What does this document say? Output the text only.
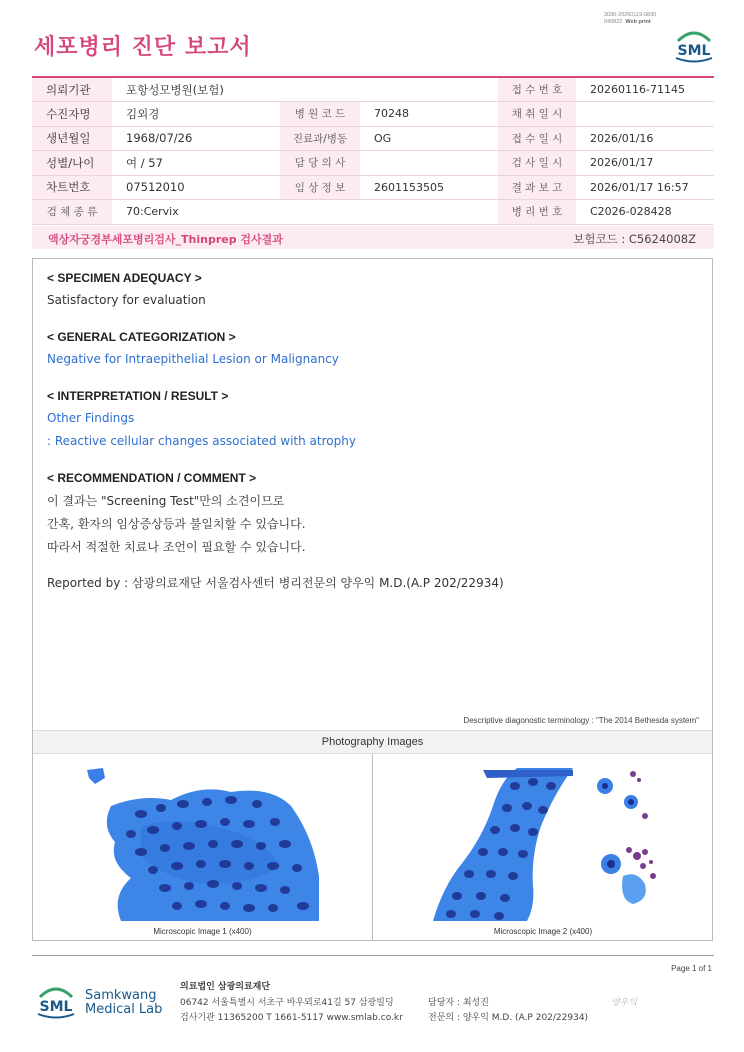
3036-20260119-0830
040822 Web print
세포병리 진단 보고서	SML
의뢰기관	포항성모병원(보험)			접 수 번 호	20260116-71145
수진자명	김외경	병 원 코 드	70248	채 취 일 시	
생년월일	1968/07/26	진료과/병동	OG	접 수 일 시	2026/01/16
성별/나이	여 / 57	담 당 의 사		검 사 일 시	2026/01/17
차트번호	07512010	임 상 정 보	2601153505	결 과 보 고	2026/01/17 16:57
검 체 종 류	70:Cervix			병 리 번 호	C2026-028428
액상자궁경부세포병리검사_Thinprep 검사결과	보험코드 : C5624008Z
< SPECIMEN ADEQUACY >
Satisfactory for evaluation
< GENERAL CATEGORIZATION >
Negative for Intraepithelial Lesion or Malignancy
< INTERPRETATION / RESULT >
Other Findings
: Reactive cellular changes associated with atrophy
< RECOMMENDATION / COMMENT >
이 결과는 "Screening Test"만의 소견이므로
간혹, 환자의 임상증상등과 불일치할 수 있습니다.
따라서 적절한 치료나 조언이 필요할 수 있습니다.
Reported by : 삼광의료재단 서울검사센터 병리전문의 양우익 M.D.(A.P 202/22934)
Descriptive diagonostic terminology : "The 2014 Bethesda system"
Photography Images
Microscopic Image 1 (x400)	Microscopic Image 2 (x400)
Page 1 of 1
SML
Samkwang
Medical Lab
의료법인 삼광의료재단
06742 서울특별시 서초구 바우뫼로41길 57 삼광빌딩
검사기관 11365200 T 1661-5117 www.smlab.co.kr
담당자 : 최성진
전문의 : 양우익 M.D. (A.P 202/22934)
양우익
